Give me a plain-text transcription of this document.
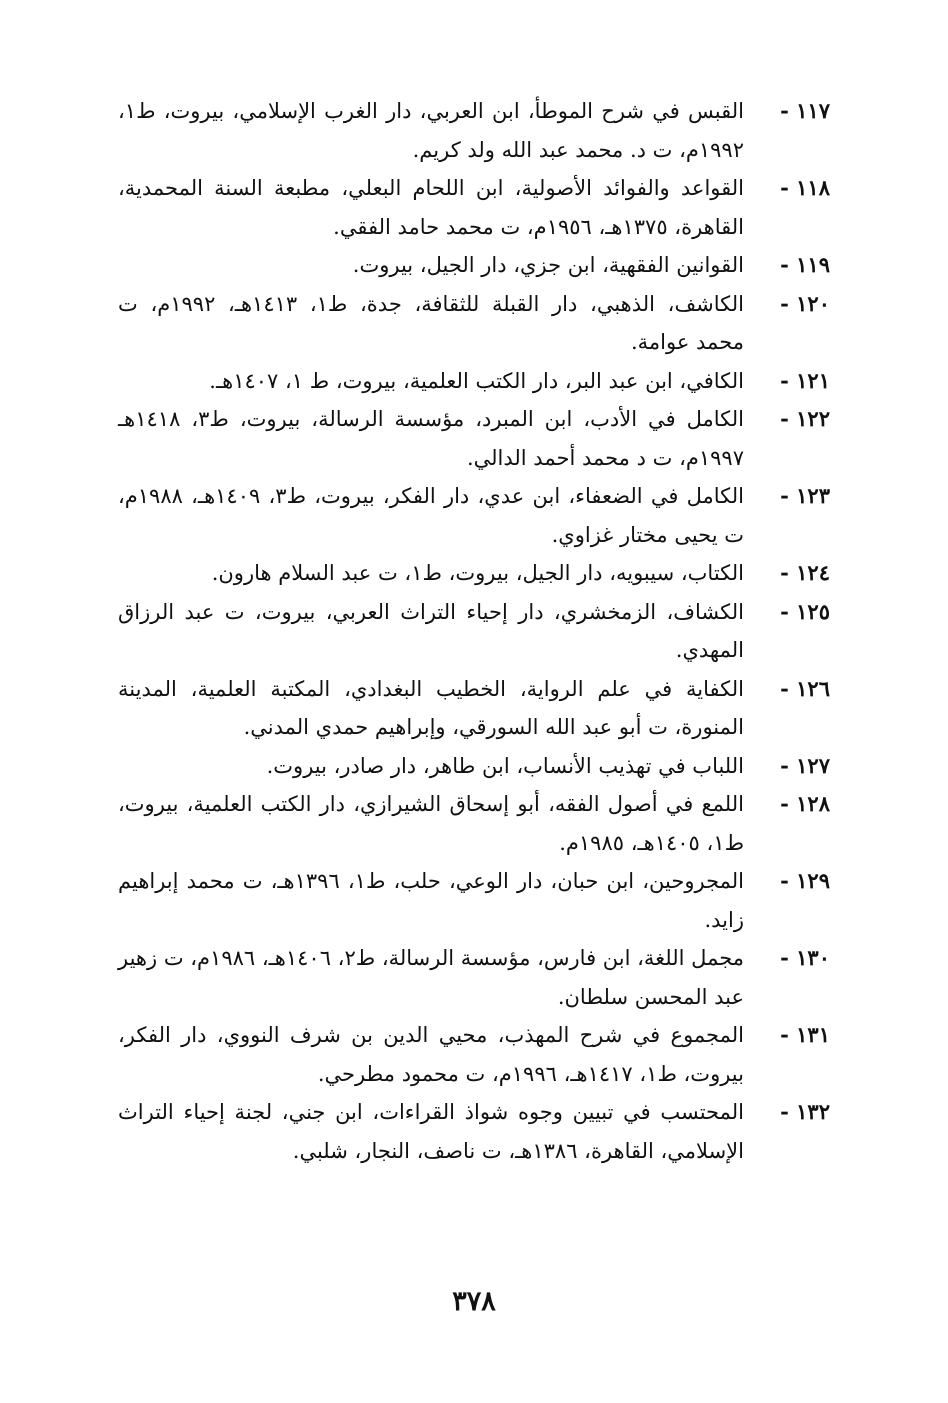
١١٧ -
القبس في شرح الموطأ، ابن العربي، دار الغرب الإسلامي، بيروت، ط١، ١٩٩٢م، ت د. محمد عبد الله ولد كريم.
١١٨ -
القواعد والفوائد الأصولية، ابن اللحام البعلي، مطبعة السنة المحمدية، القاهرة، ١٣٧٥هـ، ١٩٥٦م، ت محمد حامد الفقي.
١١٩ -
القوانين الفقهية، ابن جزي، دار الجيل، بيروت.
١٢٠ -
الكاشف، الذهبي، دار القبلة للثقافة، جدة، ط١، ١٤١٣هـ، ١٩٩٢م، ت محمد عوامة.
١٢١ -
الكافي، ابن عبد البر، دار الكتب العلمية، بيروت، ط ١، ١٤٠٧هـ.
١٢٢ -
الكامل في الأدب، ابن المبرد، مؤسسة الرسالة، بيروت، ط٣، ١٤١٨هـ ١٩٩٧م، ت د محمد أحمد الدالي.
١٢٣ -
الكامل في الضعفاء، ابن عدي، دار الفكر، بيروت، ط٣، ١٤٠٩هـ، ١٩٨٨م، ت يحيى مختار غزاوي.
١٢٤ -
الكتاب، سيبويه، دار الجيل، بيروت، ط١، ت عبد السلام هارون.
١٢٥ -
الكشاف، الزمخشري، دار إحياء التراث العربي، بيروت، ت عبد الرزاق المهدي.
١٢٦ -
الكفاية في علم الرواية، الخطيب البغدادي، المكتبة العلمية، المدينة المنورة، ت أبو عبد الله السورقي، وإبراهيم حمدي المدني.
١٢٧ -
اللباب في تهذيب الأنساب، ابن طاهر، دار صادر، بيروت.
١٢٨ -
اللمع في أصول الفقه، أبو إسحاق الشيرازي، دار الكتب العلمية، بيروت، ط١، ١٤٠٥هـ، ١٩٨٥م.
١٢٩ -
المجروحين، ابن حبان، دار الوعي، حلب، ط١، ١٣٩٦هـ، ت محمد إبراهيم زايد.
١٣٠ -
مجمل اللغة، ابن فارس، مؤسسة الرسالة، ط٢، ١٤٠٦هـ، ١٩٨٦م، ت زهير عبد المحسن سلطان.
١٣١ -
المجموع في شرح المهذب، محيي الدين بن شرف النووي، دار الفكر، بيروت، ط١، ١٤١٧هـ، ١٩٩٦م، ت محمود مطرحي.
١٣٢ -
المحتسب في تبيين وجوه شواذ القراءات، ابن جني، لجنة إحياء التراث الإسلامي، القاهرة، ١٣٨٦هـ، ت ناصف، النجار، شلبي.
٣٧٨
